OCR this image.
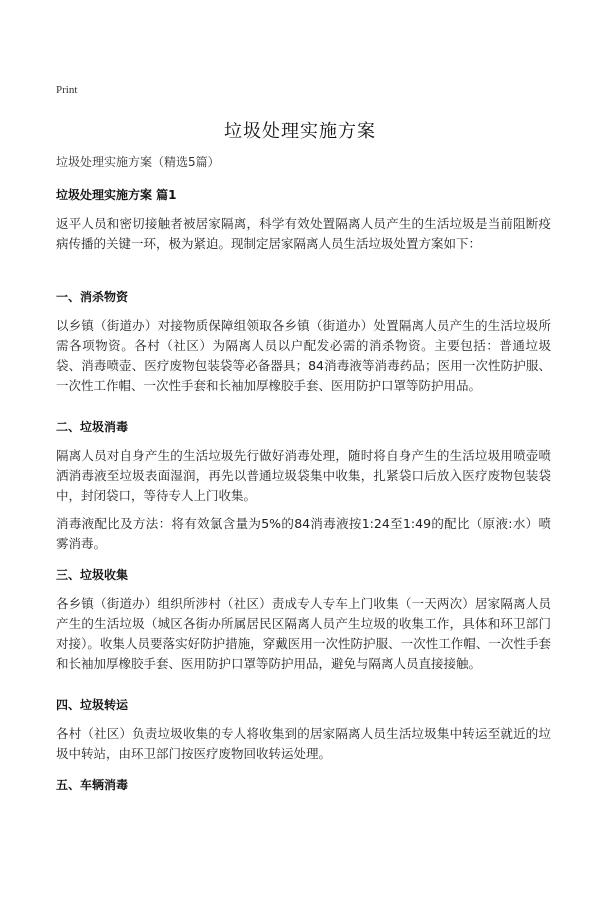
Print
垃圾处理实施方案
垃圾处理实施方案（精选5篇）
垃圾处理实施方案 篇1
返平人员和密切接触者被居家隔离，科学有效处置隔离人员产生的生活垃圾是当前阻断疫病传播的关键一环，极为紧迫。现制定居家隔离人员生活垃圾处置方案如下：
一、消杀物资
以乡镇（街道办）对接物质保障组领取各乡镇（街道办）处置隔离人员产生的生活垃圾所需各项物资。各村（社区）为隔离人员以户配发必需的消杀物资。主要包括：普通垃圾袋、消毒喷壶、医疗废物包装袋等必备器具；84消毒液等消毒药品；医用一次性防护服、一次性工作帽、一次性手套和长袖加厚橡胶手套、医用防护口罩等防护用品。
二、垃圾消毒
隔离人员对自身产生的生活垃圾先行做好消毒处理，随时将自身产生的生活垃圾用喷壶喷洒消毒液至垃圾表面湿润，再先以普通垃圾袋集中收集，扎紧袋口后放入医疗废物包装袋中，封闭袋口，等待专人上门收集。
消毒液配比及方法：将有效氯含量为5%的84消毒液按1:24至1:49的配比（原液:水）喷雾消毒。
三、垃圾收集
各乡镇（街道办）组织所涉村（社区）责成专人专车上门收集（一天两次）居家隔离人员产生的生活垃圾（城区各街办所属居民区隔离人员产生垃圾的收集工作，具体和环卫部门对接）。收集人员要落实好防护措施，穿戴医用一次性防护服、一次性工作帽、一次性手套和长袖加厚橡胶手套、医用防护口罩等防护用品，避免与隔离人员直接接触。
四、垃圾转运
各村（社区）负责垃圾收集的专人将收集到的居家隔离人员生活垃圾集中转运至就近的垃圾中转站，由环卫部门按医疗废物回收转运处理。
五、车辆消毒
